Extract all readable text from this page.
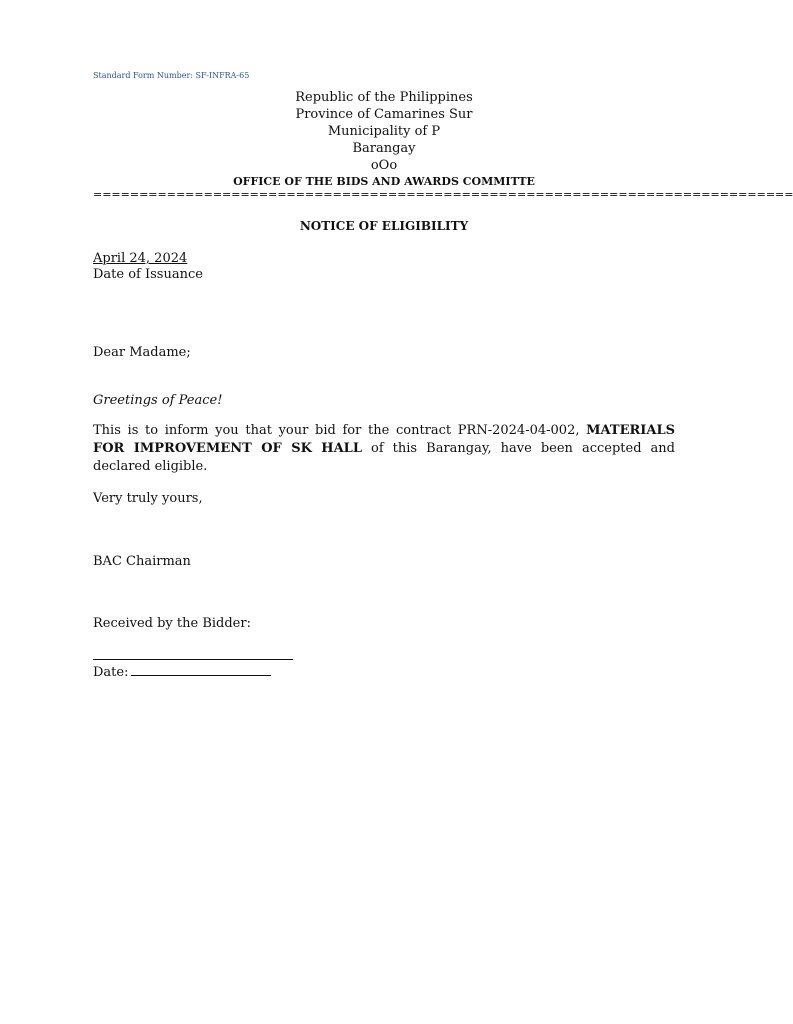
Standard Form Number: SF-INFRA-65
Republic of the Philippines
Province of Camarines Sur
Municipality of P
Barangay
oOo
OFFICE OF THE BIDS AND AWARDS COMMITTE
============================================================================
NOTICE OF ELIGIBILITY
April 24, 2024
Date of Issuance
Dear Madame;
Greetings of Peace!
This is to inform you that your bid for the contract PRN-2024-04-002, MATERIALS FOR IMPROVEMENT OF SK HALL of this Barangay, have been accepted and declared eligible.
Very truly yours,
BAC Chairman
Received by the Bidder:
Date:
